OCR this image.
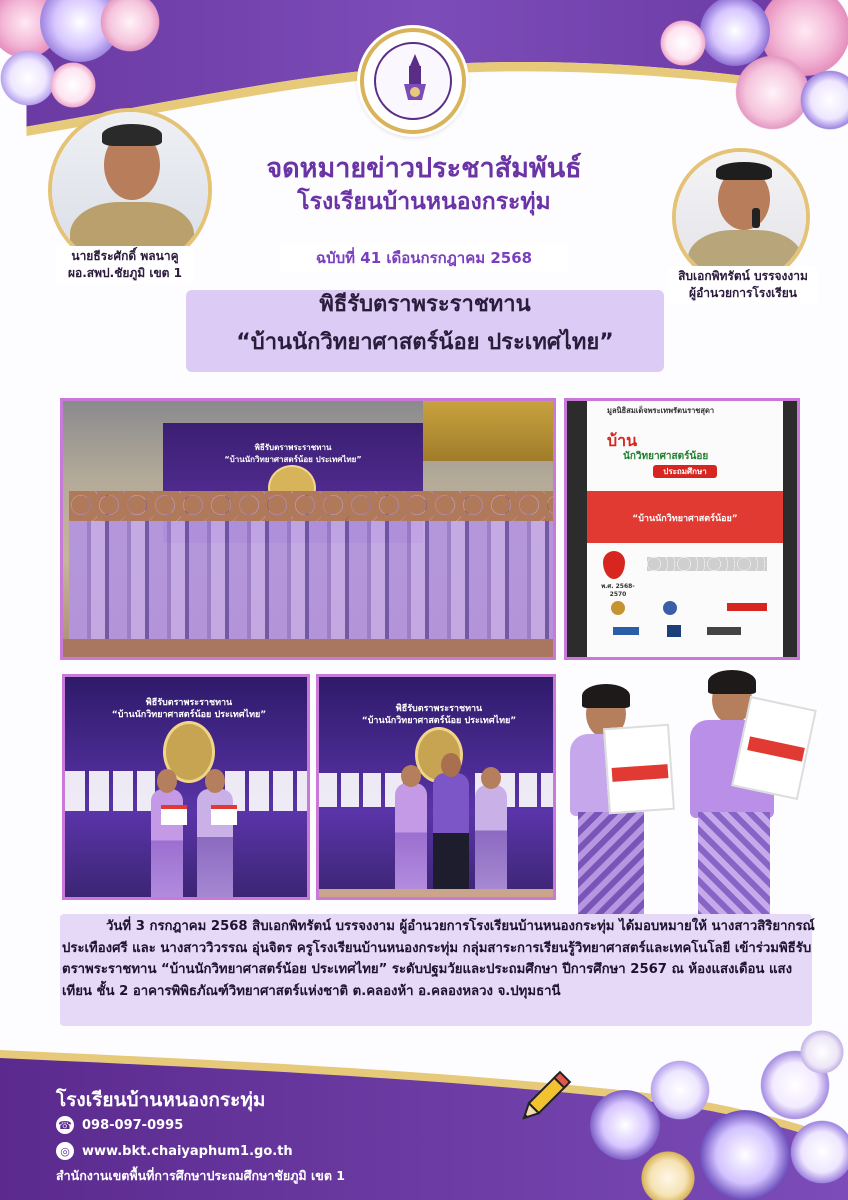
นายธีระศักดิ์ พลนาคู
ผอ.สพป.ชัยภูมิ เขต 1	สิบเอกพิทรัตน์ บรรจงงาม
ผู้อำนวยการโรงเรียน
จดหมายข่าวประชาสัมพันธ์
โรงเรียนบ้านหนองกระทุ่ม
ฉบับที่ 41 เดือนกรกฎาคม 2568
พิธีรับตราพระราชทาน
“บ้านนักวิทยาศาสตร์น้อย ประเทศไทย”
พิธีรับตราพระราชทาน
“บ้านนักวิทยาศาสตร์น้อย ประเทศไทย”
มูลนิธิสมเด็จพระเทพรัตนราชสุดา
บ้าน
นักวิทยาศาสตร์น้อย
ประถมศึกษา
“บ้านนักวิทยาศาสตร์น้อย”
พ.ศ. 2568-2570
พิธีรับตราพระราชทาน
“บ้านนักวิทยาศาสตร์น้อย ประเทศไทย”
พิธีรับตราพระราชทาน
“บ้านนักวิทยาศาสตร์น้อย ประเทศไทย”

วันที่ 3 กรกฎาคม 2568 สิบเอกพิทรัตน์ บรรจงงาม ผู้อำนวยการโรงเรียนบ้านหนองกระทุ่ม ได้มอบหมายให้ นางสาวสิริยากรณ์ ประเทืองศรี และ นางสาววิวรรณ อุ่นจิตร ครูโรงเรียนบ้านหนองกระทุ่ม กลุ่มสาระการเรียนรู้วิทยาศาสตร์และเทคโนโลยี เข้าร่วมพิธีรับตราพระราชทาน “บ้านนักวิทยาศาสตร์น้อย ประเทศไทย” ระดับปฐมวัยและประถมศึกษา ปีการศึกษา 2567 ณ ห้องแสงเดือน แสงเทียน ชั้น 2 อาคารพิพิธภัณฑ์วิทยาศาสตร์แห่งชาติ ต.คลองห้า อ.คลองหลวง จ.ปทุมธานี

โรงเรียนบ้านหนองกระทุ่ม
☎ 098-097-0995
◎ www.bkt.chaiyaphum1.go.th
สำนักงานเขตพื้นที่การศึกษาประถมศึกษาชัยภูมิ เขต 1
